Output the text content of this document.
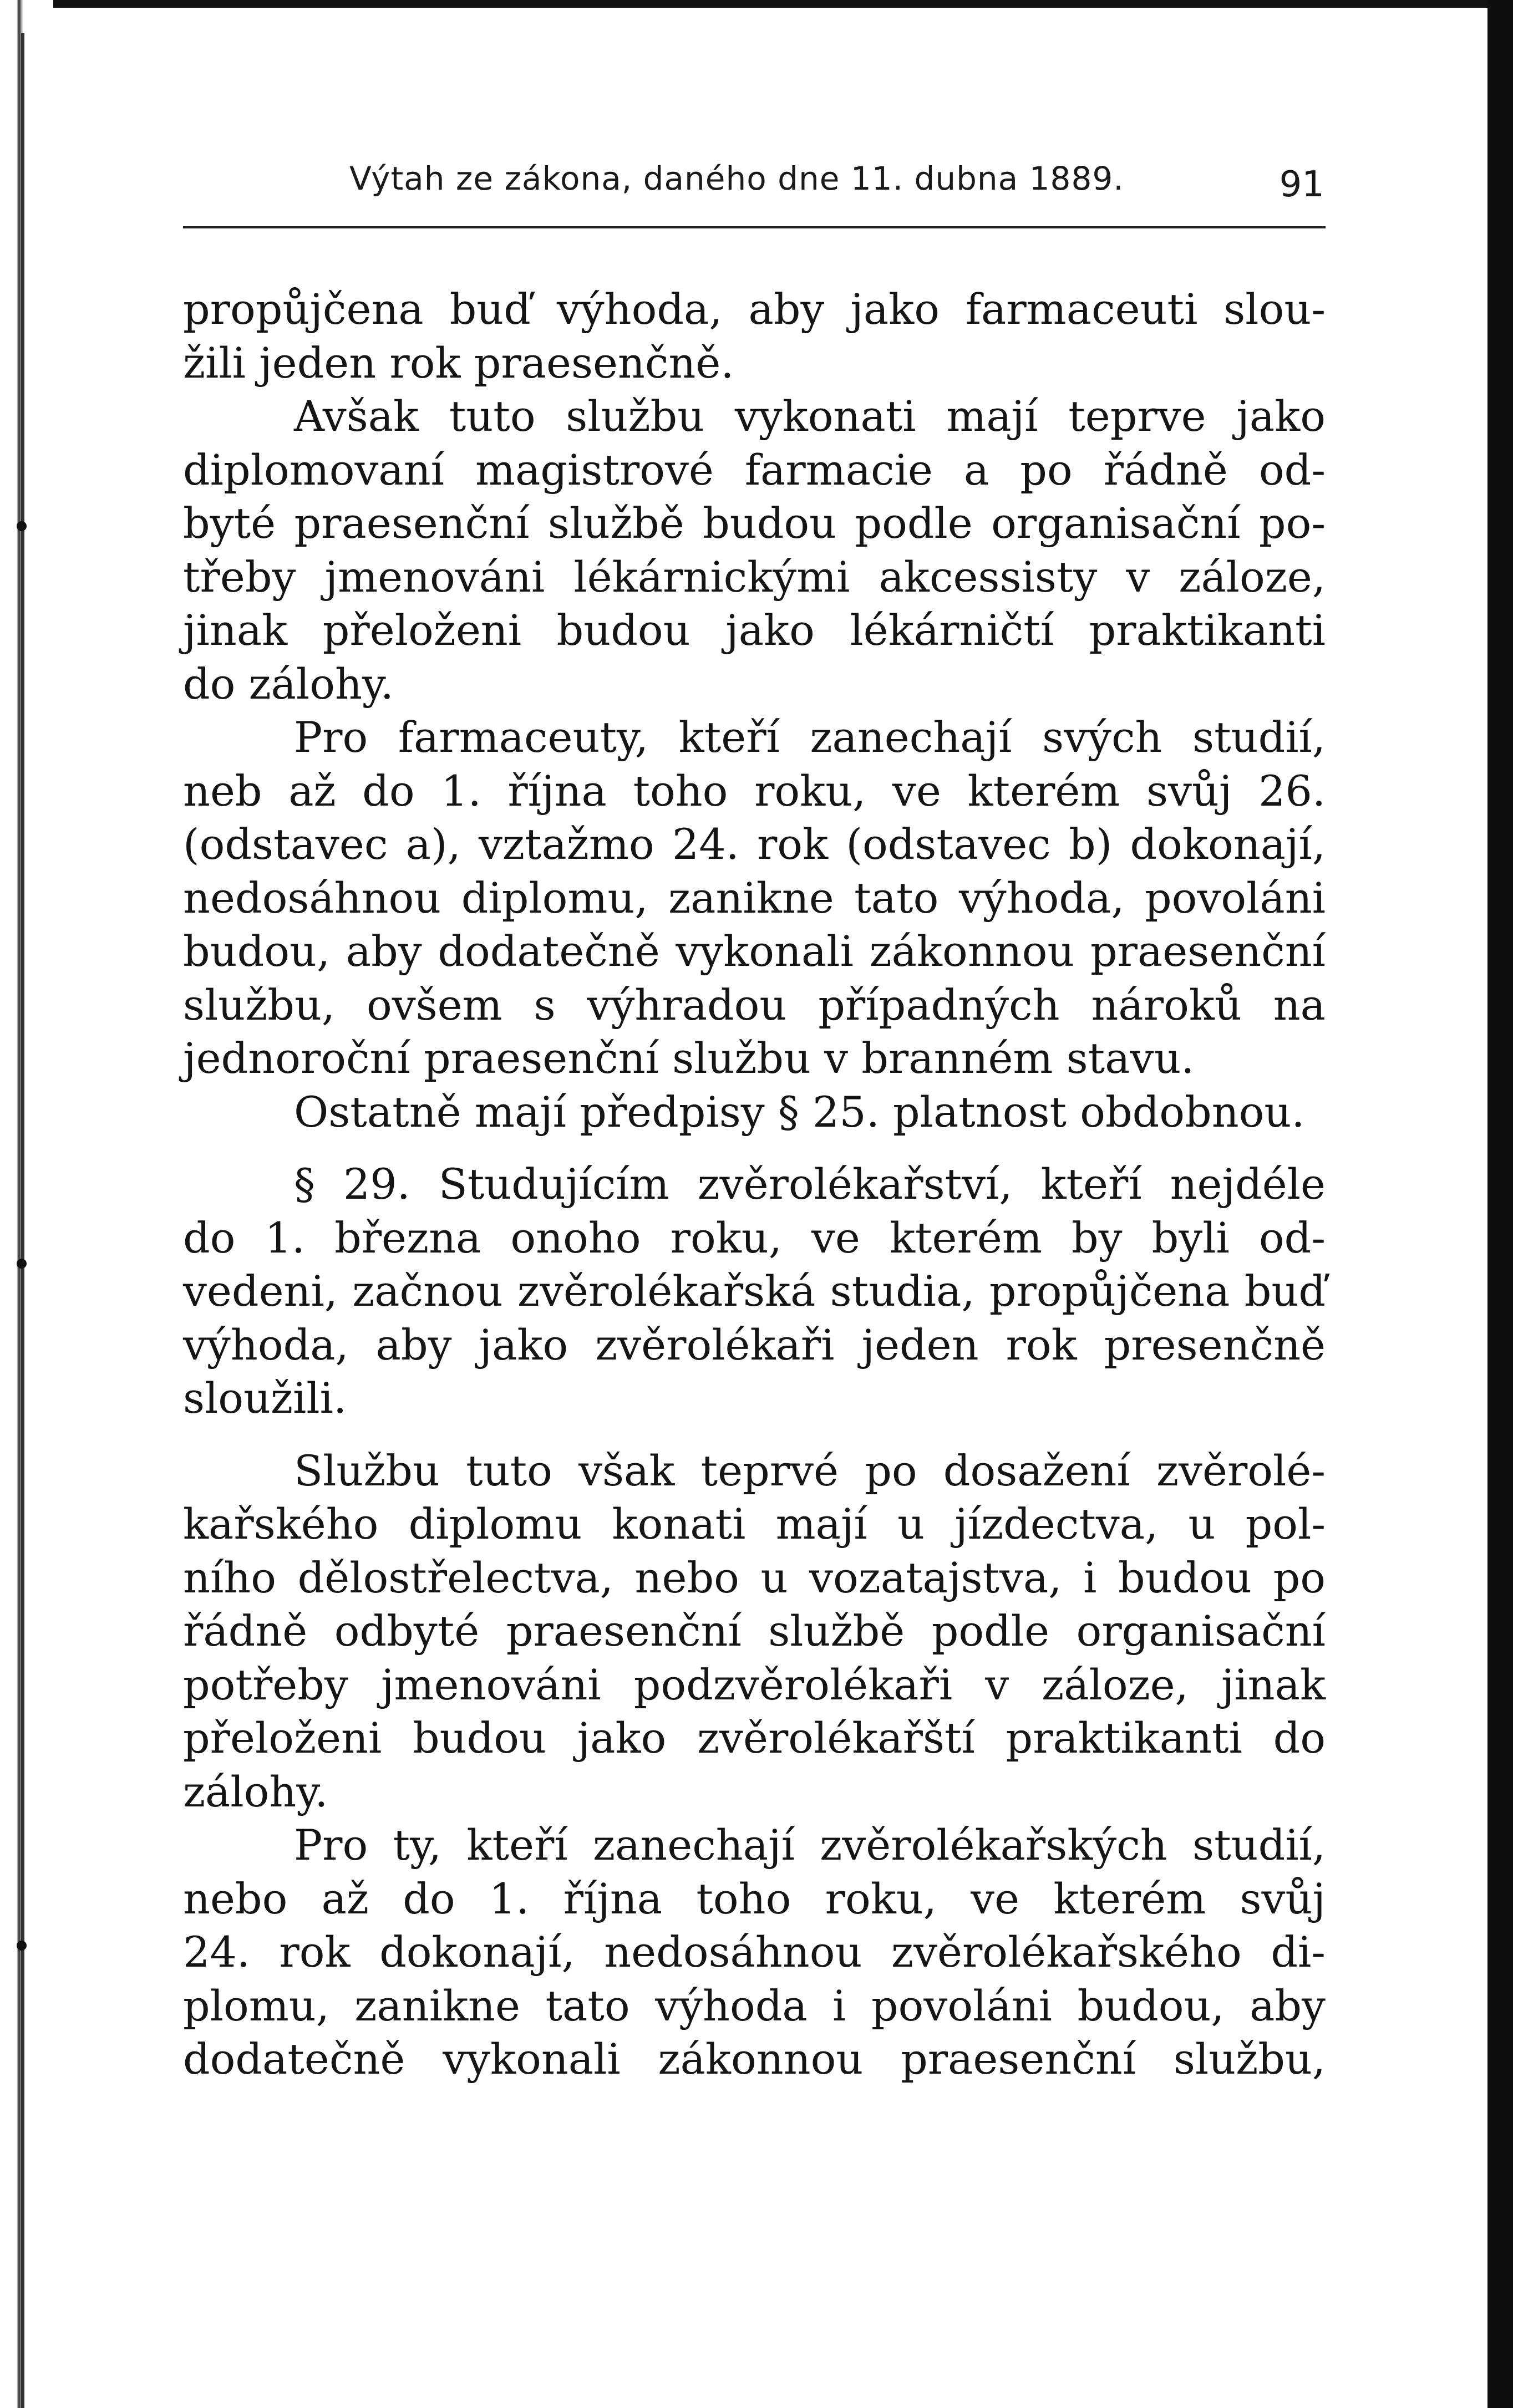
Výtah ze zákona, daného dne 11. dubna 1889.	91
propůjčena buď výhoda, aby jako farmaceuti slou-
žili jeden rok praesenčně.
Avšak tuto službu vykonati mají teprve jako
diplomovaní magistrové farmacie a po řádně od-
byté praesenční službě budou podle organisační po-
třeby jmenováni lékárnickými akcessisty v záloze,
jinak přeloženi budou jako lékárničtí praktikanti
do zálohy.
Pro farmaceuty, kteří zanechají svých studií,
neb až do 1. října toho roku, ve kterém svůj 26.
(odstavec a), vztažmo 24. rok (odstavec b) dokonají,
nedosáhnou diplomu, zanikne tato výhoda, povoláni
budou, aby dodatečně vykonali zákonnou praesenční
službu, ovšem s výhradou případných nároků na
jednoroční praesenční službu v branném stavu.
Ostatně mají předpisy § 25. platnost obdobnou.
§ 29. Studujícím zvěrolékařství, kteří nejdéle
do 1. března onoho roku, ve kterém by byli od-
vedeni, začnou zvěrolékařská studia, propůjčena buď
výhoda, aby jako zvěrolékaři jeden rok presenčně
sloužili.
Službu tuto však teprvé po dosažení zvěrolé-
kařského diplomu konati mají u jízdectva, u pol-
ního dělostřelectva, nebo u vozatajstva, i budou po
řádně odbyté praesenční službě podle organisační
potřeby jmenováni podzvěrolékaři v záloze, jinak
přeloženi budou jako zvěrolékařští praktikanti do
zálohy.
Pro ty, kteří zanechají zvěrolékařských studií,
nebo až do 1. října toho roku, ve kterém svůj
24. rok dokonají, nedosáhnou zvěrolékařského di-
plomu, zanikne tato výhoda i povoláni budou, aby
dodatečně vykonali zákonnou praesenční službu,
